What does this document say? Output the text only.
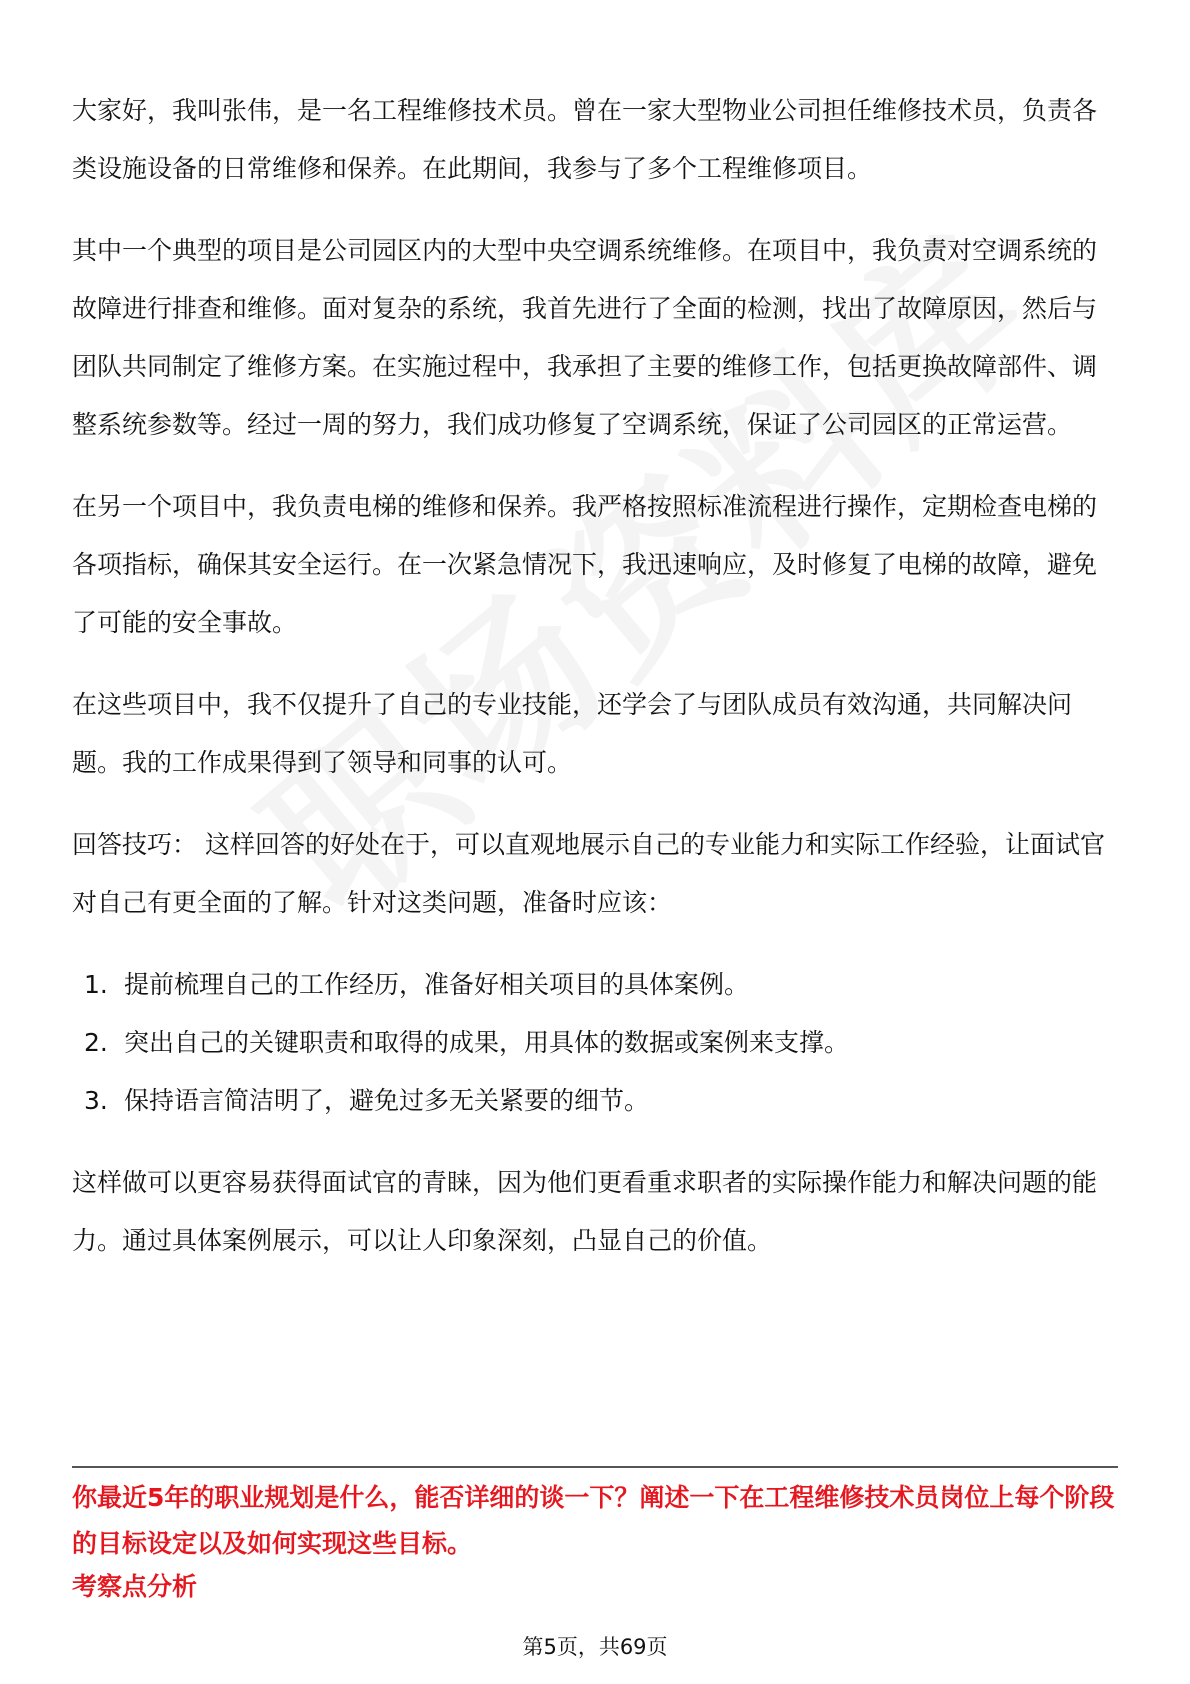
大家好，我叫张伟，是一名工程维修技术员。曾在一家大型物业公司担任维修技术员，负责各类设施设备的日常维修和保养。在此期间，我参与了多个工程维修项目。

其中一个典型的项目是公司园区内的大型中央空调系统维修。在项目中，我负责对空调系统的故障进行排查和维修。面对复杂的系统，我首先进行了全面的检测，找出了故障原因，然后与团队共同制定了维修方案。在实施过程中，我承担了主要的维修工作，包括更换故障部件、调整系统参数等。经过一周的努力，我们成功修复了空调系统，保证了公司园区的正常运营。

在另一个项目中，我负责电梯的维修和保养。我严格按照标准流程进行操作，定期检查电梯的各项指标，确保其安全运行。在一次紧急情况下，我迅速响应，及时修复了电梯的故障，避免了可能的安全事故。

在这些项目中，我不仅提升了自己的专业技能，还学会了与团队成员有效沟通，共同解决问题。我的工作成果得到了领导和同事的认可。

回答技巧： 这样回答的好处在于，可以直观地展示自己的专业能力和实际工作经验，让面试官对自己有更全面的了解。针对这类问题，准备时应该：

1. 提前梳理自己的工作经历，准备好相关项目的具体案例。
2. 突出自己的关键职责和取得的成果，用具体的数据或案例来支撑。
3. 保持语言简洁明了，避免过多无关紧要的细节。

这样做可以更容易获得面试官的青睐，因为他们更看重求职者的实际操作能力和解决问题的能力。通过具体案例展示，可以让人印象深刻，凸显自己的价值。

你最近5年的职业规划是什么，能否详细的谈一下？阐述一下在工程维修技术员岗位上每个阶段的目标设定以及如何实现这些目标。
考察点分析
第5页，共69页
